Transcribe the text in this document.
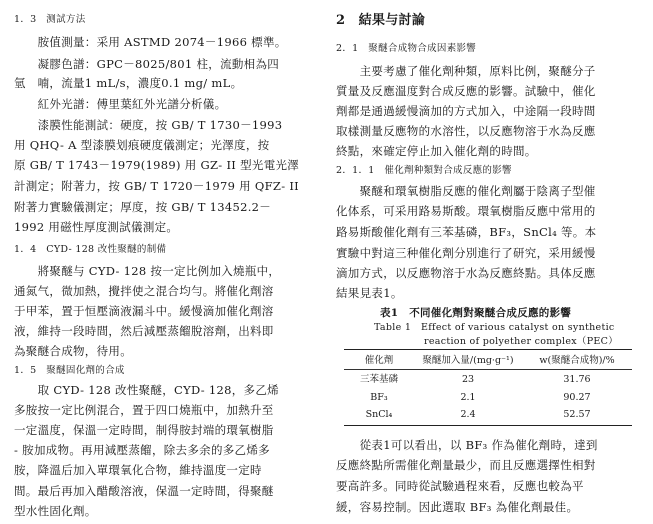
1．3　测試方法
　　胺值測量：采用 ASTMD 2074－1966 標準。
　　凝膠色譜：GPC－8025/801 柱，流動相為四
氫　喃，流量1 mL/s，濃度0.1 mg/ mL。
　　紅外光譜：傅里葉紅外光譜分析儀。
　　漆膜性能測試：硬度，按 GB/ T 1730－1993
用 QHQ- A 型漆膜划痕硬度儀測定；光澤度，按
原 GB/ T 1743－1979(1989) 用 GZ- II 型光電光澤
計測定；附著力，按 GB/ T 1720－1979 用 QFZ- II
附著力實驗儀測定；厚度，按 GB/ T 13452.2－
1992 用磁性厚度測試儀測定。
1．4　CYD- 128 改性聚醚的制備
　　將聚醚与 CYD- 128 按一定比例加入燒瓶中，
通氮气，微加熱，攪拌使之混合均勻。將催化劑溶
于甲苯，置于恒壓滴液漏斗中。緩慢滴加催化劑溶
液，維持一段時間，然后減壓蒸餾脫溶劑，出料即
為聚醚合成物，待用。
1．5　聚醚固化劑的合成
　　取 CYD- 128 改性聚醚，CYD- 128，多乙烯
多胺按一定比例混合，置于四口燒瓶中，加熱升至
一定溫度，保溫一定時間，制得胺封端的環氧樹脂
- 胺加成物。再用減壓蒸餾，除去多余的多乙烯多
胺，降溫后加入單環氧化合物，維持溫度一定時
間。最后再加入醋酸溶液，保溫一定時間，得聚醚
型水性固化劑。
2　結果与討論
2．1　聚醚合成物合成因素影響
　　主要考慮了催化劑种類，原料比例，聚醚分子
質量及反應溫度對合成反應的影響。試驗中，催化
劑都是通過緩慢滴加的方式加入，中途隔一段時間
取樣測量反應物的水溶性，以反應物溶于水為反應
終點，來確定停止加入催化劑的時間。
2．1．1　催化劑种類對合成反應的影響
　　聚醚和環氧樹脂反應的催化劑屬于陰离子型催
化体系，可采用路易斯酸。環氧樹脂反應中常用的
路易斯酸催化劑有三苯基磷，BF₃，SnCl₄ 等。本
實驗中對這三种催化劑分別進行了研究，采用緩慢
滴加方式，以反應物溶于水為反應終點。具体反應
結果見表1。
表1　不同催化劑對聚醚合成反應的影響
Table 1　Effect of various catalyst on synthetic
reaction of polyether complex（PEC）
催化劑	聚醚加入量/(mg·g⁻¹)	w(聚醚合成物)/%
三苯基磷	23	31.76
BF₃	2.1	90.27
SnCl₄	2.4	52.57
　　從表1可以看出，以 BF₃ 作為催化劑時，達到
反應終點所需催化劑量最少，而且反應選擇性相對
要高許多。同時從試驗過程來看，反應也較為平
緩，容易控制。因此選取 BF₃ 為催化劑最佳。
